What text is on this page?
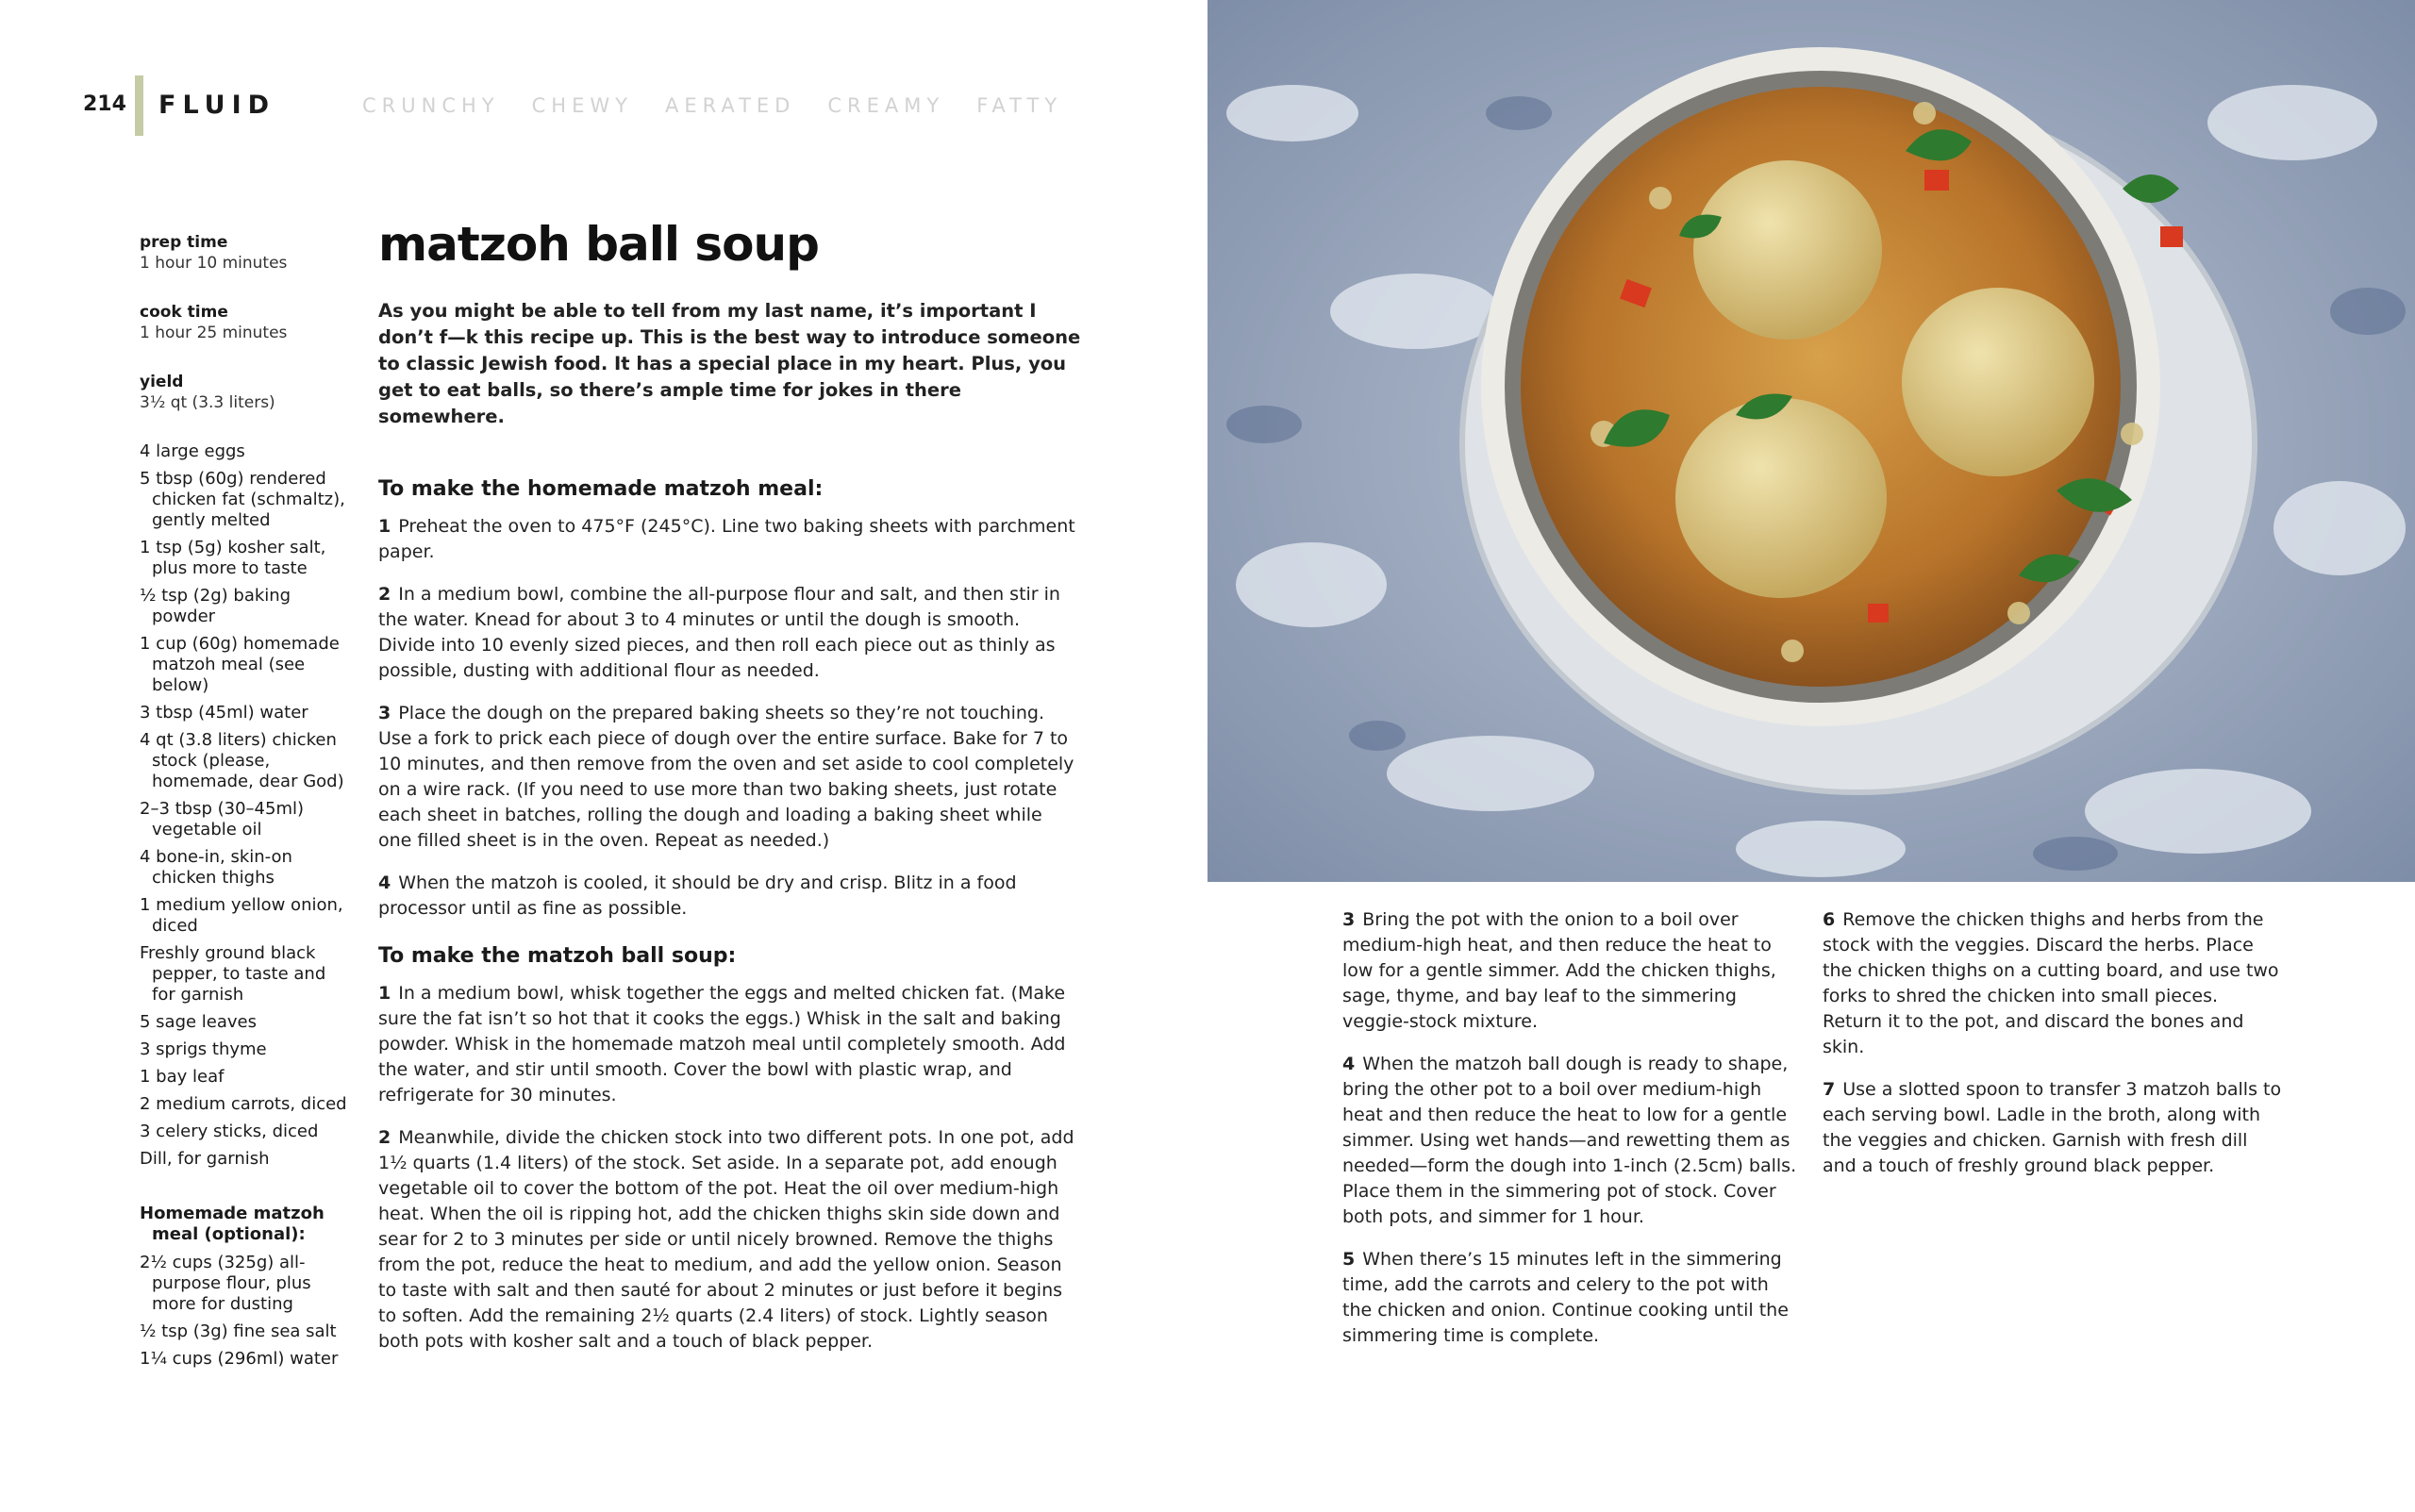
214 FLUID	CRUNCHY CHEWY AERATED CREAMY FATTY
prep time
1 hour 10 minutes
cook time
1 hour 25 minutes
yield
3½ qt (3.3 liters)
4 large eggs
5 tbsp (60g) rendered chicken fat (schmaltz), gently melted
1 tsp (5g) kosher salt, plus more to taste
½ tsp (2g) baking powder
1 cup (60g) homemade matzoh meal (see below)
3 tbsp (45ml) water
4 qt (3.8 liters) chicken stock (please, homemade, dear God)
2–3 tbsp (30–45ml) vegetable oil
4 bone-in, skin-on chicken thighs
1 medium yellow onion, diced
Freshly ground black pepper, to taste and for garnish
5 sage leaves
3 sprigs thyme
1 bay leaf
2 medium carrots, diced
3 celery sticks, diced
Dill, for garnish
Homemade matzoh meal (optional):
2½ cups (325g) all-purpose flour, plus more for dusting
½ tsp (3g) fine sea salt
1¼ cups (296ml) water
matzoh ball soup

As you might be able to tell from my last name, it’s important I don’t f—k this recipe up. This is the best way to introduce someone to classic Jewish food. It has a special place in my heart. Plus, you get to eat balls, so there’s ample time for jokes in there somewhere.

To make the homemade matzoh meal:

1 Preheat the oven to 475°F (245°C). Line two baking sheets with parchment paper.

2 In a medium bowl, combine the all-purpose flour and salt, and then stir in the water. Knead for about 3 to 4 minutes or until the dough is smooth. Divide into 10 evenly sized pieces, and then roll each piece out as thinly as possible, dusting with additional flour as needed.

3 Place the dough on the prepared baking sheets so they’re not touching. Use a fork to prick each piece of dough over the entire surface. Bake for 7 to 10 minutes, and then remove from the oven and set aside to cool completely on a wire rack. (If you need to use more than two baking sheets, just rotate each sheet in batches, rolling the dough and loading a baking sheet while one filled sheet is in the oven. Repeat as needed.)

4 When the matzoh is cooled, it should be dry and crisp. Blitz in a food processor until as fine as possible.

To make the matzoh ball soup:

1 In a medium bowl, whisk together the eggs and melted chicken fat. (Make sure the fat isn’t so hot that it cooks the eggs.) Whisk in the salt and baking powder. Whisk in the homemade matzoh meal until completely smooth. Add the water, and stir until smooth. Cover the bowl with plastic wrap, and refrigerate for 30 minutes.

2 Meanwhile, divide the chicken stock into two different pots. In one pot, add 1½ quarts (1.4 liters) of the stock. Set aside. In a separate pot, add enough vegetable oil to cover the bottom of the pot. Heat the oil over medium-high heat. When the oil is ripping hot, add the chicken thighs skin side down and sear for 2 to 3 minutes per side or until nicely browned. Remove the thighs from the pot, reduce the heat to medium, and add the yellow onion. Season to taste with salt and then sauté for about 2 minutes or just before it begins to soften. Add the remaining 2½ quarts (2.4 liters) of stock. Lightly season both pots with kosher salt and a touch of black pepper.

3 Bring the pot with the onion to a boil over medium-high heat, and then reduce the heat to low for a gentle simmer. Add the chicken thighs, sage, thyme, and bay leaf to the simmering veggie-stock mixture.

4 When the matzoh ball dough is ready to shape, bring the other pot to a boil over medium-high heat and then reduce the heat to low for a gentle simmer. Using wet hands—and rewetting them as needed—form the dough into 1-inch (2.5cm) balls. Place them in the simmering pot of stock. Cover both pots, and simmer for 1 hour.

5 When there’s 15 minutes left in the simmering time, add the carrots and celery to the pot with the chicken and onion. Continue cooking until the simmering time is complete.

6 Remove the chicken thighs and herbs from the stock with the veggies. Discard the herbs. Place the chicken thighs on a cutting board, and use two forks to shred the chicken into small pieces. Return it to the pot, and discard the bones and skin.

7 Use a slotted spoon to transfer 3 matzoh balls to each serving bowl. Ladle in the broth, along with the veggies and chicken. Garnish with fresh dill and a touch of freshly ground black pepper.
